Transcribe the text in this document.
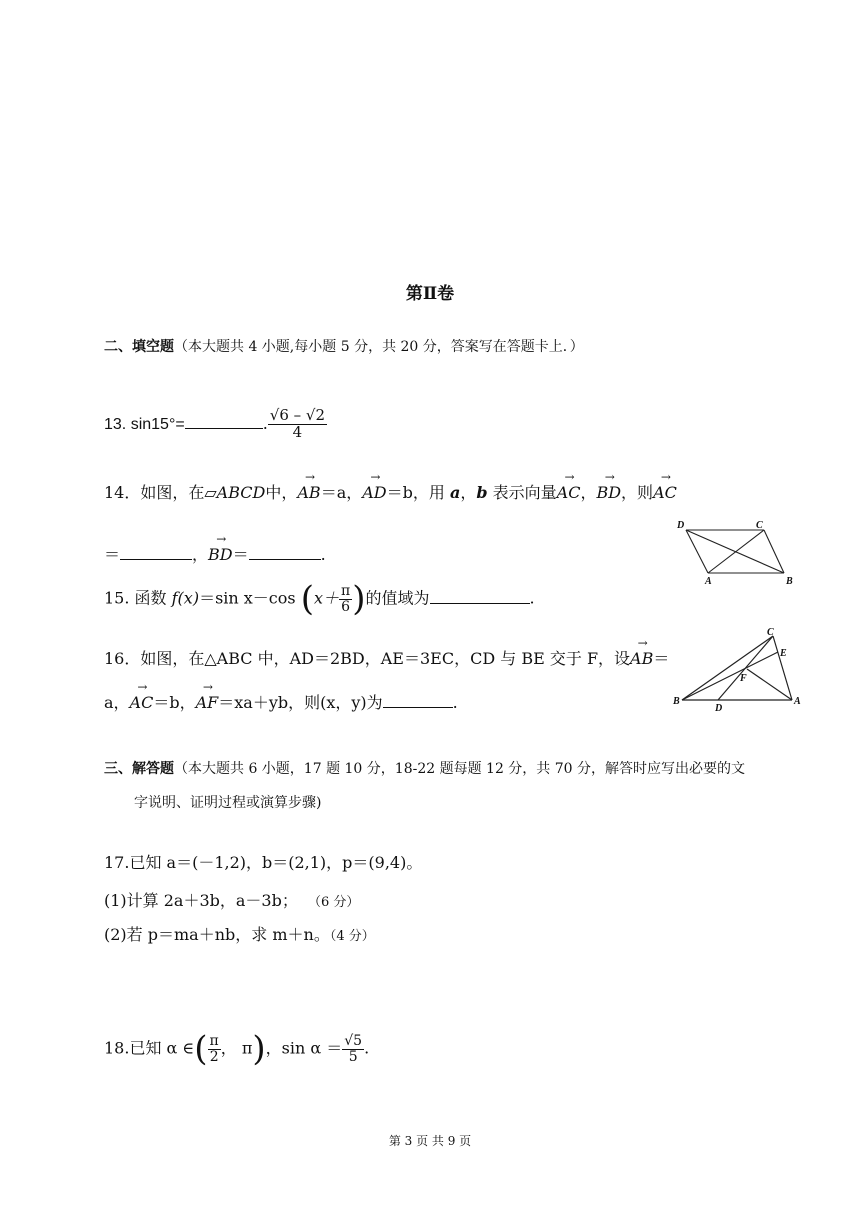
第Ⅱ卷
二、填空题（本大题共 4 小题,每小题 5 分，共 20 分，答案写在答题卡上．）
13. sin15°=	. $\frac{√6 - √2}{4}$
14．如图，在▱ABCD中，→ AB＝a，→ AD＝b，用 a，b 表示向量→ AC，→ BD，则→ AC
＝	，→ BD＝	.
D	C
A	B
15. 函数 f(x)＝sin x－cos ($x+ \frac{\pi}{6}$ )的值域为	.
16．如图，在△ABC 中，AD＝2BD，AE＝3EC，CD 与 BE 交于 F，设→ AB＝
a，→ AC＝b，→ AF＝xa＋yb，则(x，y)为	.
C
E
F
B
D
A
三、解答题（本大题共 6 小题，17 题 10 分，18-22 题每题 12 分，共 70 分，解答时应写出必要的文
字说明、证明过程或演算步骤)
17.已知 a＝(－1,2)，b＝(2,1)，p＝(9,4)。
(1)计算 2a＋3b，a－3b； （6 分）
(2)若 p＝ma＋nb，求 m＋n。（4 分）
18.已知 α ∈( $\frac{\pi}{2}$ ， π)，$\sin \alpha = \frac{√5}{5}$ .
第 3 页 共 9 页
